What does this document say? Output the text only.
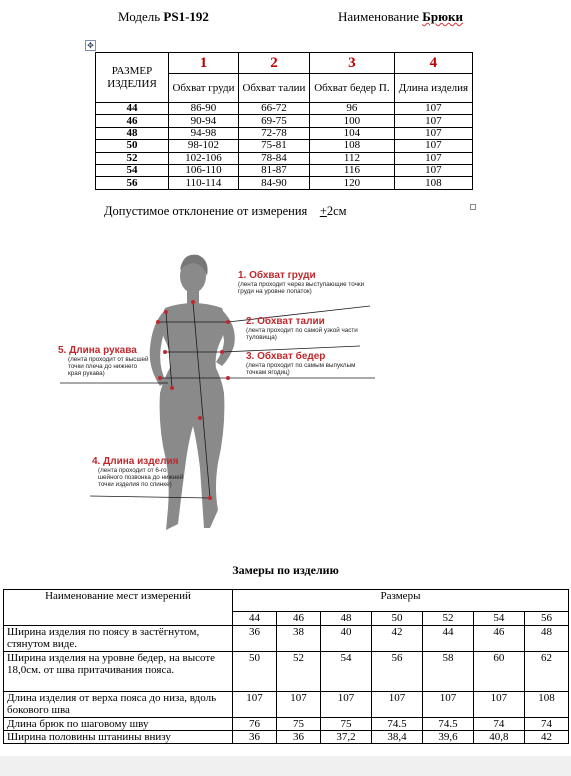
Модель PS1-192	Наименование Брюки
✥
РАЗМЕР ИЗДЕЛИЯ	1	2	3	4
	Обхват груди	Обхват талии	Обхват бедер П.	Длина изделия
44	86-90	66-72	96	107
46	90-94	69-75	100	107
48	94-98	72-78	104	107
50	98-102	75-81	108	107
52	102-106	78-84	112	107
54	106-110	81-87	116	107
56	110-114	84-90	120	108
Допустимое отклонение от измерения +2см
1. Обхват груди
(лента проходит через выступающие точки груди на уровне лопаток)
2. Обхват талии
(лента проходит по самой узкой части туловища)
3. Обхват бедер
(лента проходит по самым выпуклым точкам ягодиц)
4. Длина изделия
(лента проходит от 6-го шейного позвонка до нижней точки изделия по спинке)
5. Длина рукава
(лента проходит от высшей точки плеча до нижнего края рукава)
Замеры по изделию
Наименование мест измерений	Размеры						
	44	46	48	50	52	54	56
Ширина изделия по поясу в застёгнутом, стянутом виде.	36	38	40	42	44	46	48
Ширина изделия на уровне бедер, на высоте 18,0см. от шва притачивания пояса.	50	52	54	56	58	60	62
Длина изделия от верха пояса до низа, вдоль бокового шва	107	107	107	107	107	107	108
Длина брюк по шаговому шву	76	75	75	74.5	74.5	74	74
Ширина половины штанины внизу	36	36	37,2	38,4	39,6	40,8	42
